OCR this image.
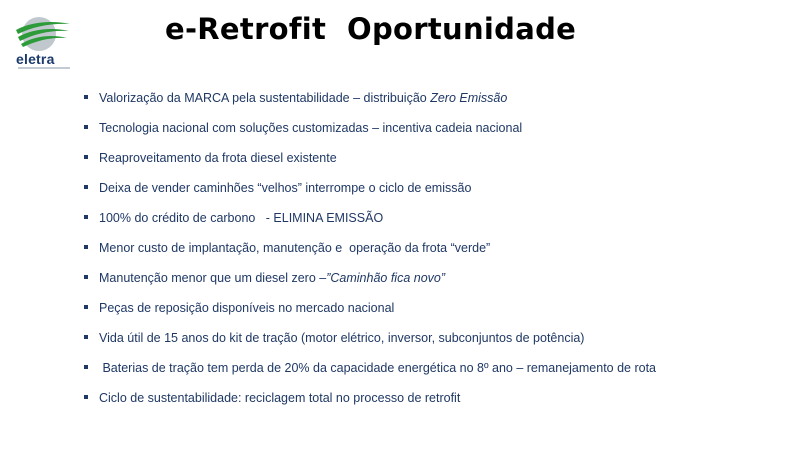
eletra
e-Retrofit  Oportunidade
Valorização da MARCA pela sustentabilidade – distribuição Zero Emissão
Tecnologia nacional com soluções customizadas – incentiva cadeia nacional
Reaproveitamento da frota diesel existente
Deixa de vender caminhões “velhos” interrompe o ciclo de emissão
100% do crédito de carbono   - ELIMINA EMISSÃO
Menor custo de implantação, manutenção e  operação da frota “verde”
Manutenção menor que um diesel zero –”Caminhão fica novo”
Peças de reposição disponíveis no mercado nacional
Vida útil de 15 anos do kit de tração (motor elétrico, inversor, subconjuntos de potência)
Baterias de tração tem perda de 20% da capacidade energética no 8º ano – remanejamento de rota
Ciclo de sustentabilidade: reciclagem total no processo de retrofit
